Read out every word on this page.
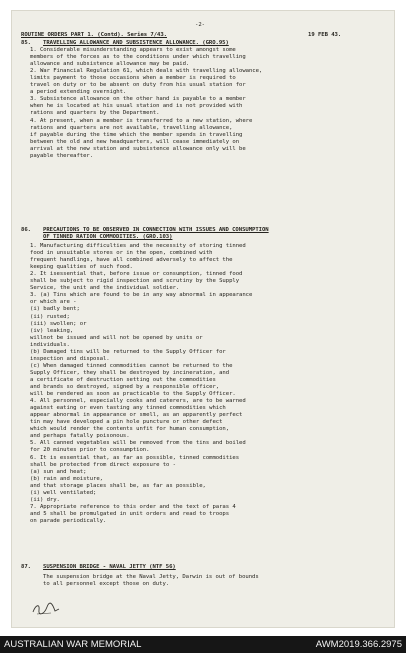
-2-
ROUTINE ORDERS PART 1. (Contd). Series 7/43.	19 FEB 43.
85. TRAVELLING ALLOWANCE AND SUBSISTENCE ALLOWANCE. (GRO.95)
1. Considerable misunderstanding appears to exist amongst some
members of the forces as to the conditions under which travelling
allowance and subsistence allowance may be paid.
2. War Financial Regulation 61, which deals with travelling allowance,
limits payment to those occasions when a member is required to
travel on duty or to be absent on duty from his usual station for
a period extending overnight.
3. Subsistence allowance on the other hand is payable to a member
when he is located at his usual station and is not provided with
rations and quarters by the Department.
4. At present, when a member is transferred to a new station, where
rations and quarters are not available, travelling allowance,
if payable during the time which the member spends in travelling
between the old and new headquarters, will cease immediately on
arrival at the new station and subsistence allowance only will be
payable thereafter.
86. PRECAUTIONS TO BE OBSERVED IN CONNECTION WITH ISSUES AND CONSUMPTION
OF TINNED RATION COMMODITIES. (GRO.103)
1. Manufacturing difficulties and the necessity of storing tinned
food in unsuitable stores or in the open, combined with
frequent handlings, have all combined adversely to affect the
keeping qualities of such food.
2. It isessential that, before issue or consumption, tinned food
shall be subject to rigid inspection and scrutiny by the Supply
Service, the unit and the individual soldier.
3. (a) Tins which are found to be in any way abnormal in appearance
or which are -
(i) badly bent;
(ii) rusted;
(iii) swollen; or
(iv) leaking,
willnot be issued and will not be opened by units or
individuals.
(b) Damaged tins will be returned to the Supply Officer for
inspection and disposal.
(c) When damaged tinned commodities cannot be returned to the
Supply Officer, they shall be destroyed by incineration, and
a certificate of destruction setting out the commodities
and brands so destroyed, signed by a responsible officer,
will be rendered as soon as practicable to the Supply Officer.
4. All personnel, especially cooks and caterers, are to be warned
against eating or even tasting any tinned commodities which
appear abnormal in appearance or smell, as an apparently perfect
tin may have developed a pin hole puncture or other defect
which would render the contents unfit for human consumption,
and perhaps fatally poisonous.
5. All canned vegetables will be removed from the tins and boiled
for 20 minutes prior to consumption.
6. It is essential that, as far as possible, tinned commodities
shall be protected from direct exposure to -
(a) sun and heat;
(b) rain and moisture,
and that storage places shall be, as far as possible,
(i) well ventilated;
(ii) dry.
7. Appropriate reference to this order and the text of paras 4
and 5 shall be promulgated in unit orders and read to troops
on parade periodically.
87. SUSPENSION BRIDGE - NAVAL JETTY (NTF 56)
The suspension bridge at the Naval Jetty, Darwin is out of bounds
to all personnel except those on duty.
AUSTRALIAN WAR MEMORIAL	AWM2019.366.2975
